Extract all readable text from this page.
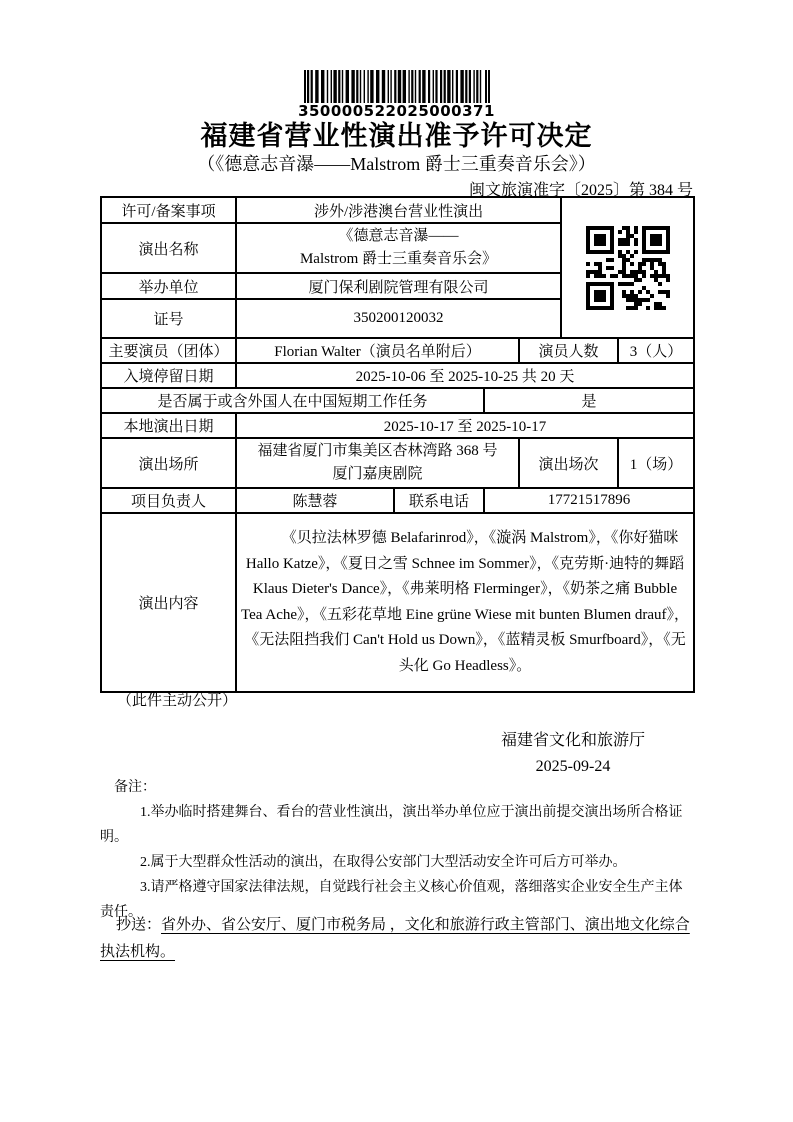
350000522025000371
福建省营业性演出准予许可决定
（《德意志音瀑——Malstrom 爵士三重奏音乐会》）
闽文旅演准字〔2025〕第 384 号
许可/备案事项	涉外/涉港澳台营业性演出	

演出名称	《德意志音瀑——
Malstrom 爵士三重奏音乐会》					

举办单位	厦门保利剧院管理有限公司					
证号	350200120032					
主要演员（团体）	Florian Walter（演员名单附后）			演员人数		3（人）
入境停留日期	2025-10-06 至 2025-10-25 共 20 天					
是否属于或含外国人在中国短期工作任务			是			
本地演出日期	2025-10-17 至 2025-10-17					
演出场所	福建省厦门市集美区杏林湾路 368 号
厦门嘉庚剧院			演出场次		1（场）
项目负责人	陈慧蓉	联系电话	17721517896			
演出内容	《贝拉法林罗德 Belafarinrod》，《漩涡 Malstrom》，《你好猫咪 Hallo Katze》，《夏日之雪 Schnee im Sommer》，《克劳斯·迪特的舞蹈 Klaus Dieter's Dance》，《弗莱明格 Flerminger》，《奶茶之痛 Bubble Tea Ache》，《五彩花草地 Eine grüne Wiese mit bunten Blumen drauf》，《无法阻挡我们 Can't Hold us Down》，《蓝精灵板 Smurfboard》，《无头化 Go Headless》。					
（此件主动公开）
福建省文化和旅游厅
2025-09-24
备注：

1.举办临时搭建舞台、看台的营业性演出，演出举办单位应于演出前提交演出场所合格证明。

2.属于大型群众性活动的演出，在取得公安部门大型活动安全许可后方可举办。

3.请严格遵守国家法律法规，自觉践行社会主义核心价值观，落细落实企业安全生产主体责任。

抄送：省外办、省公安厅、厦门市税务局 ，文化和旅游行政主管部门、演出地文化综合执法机构。
